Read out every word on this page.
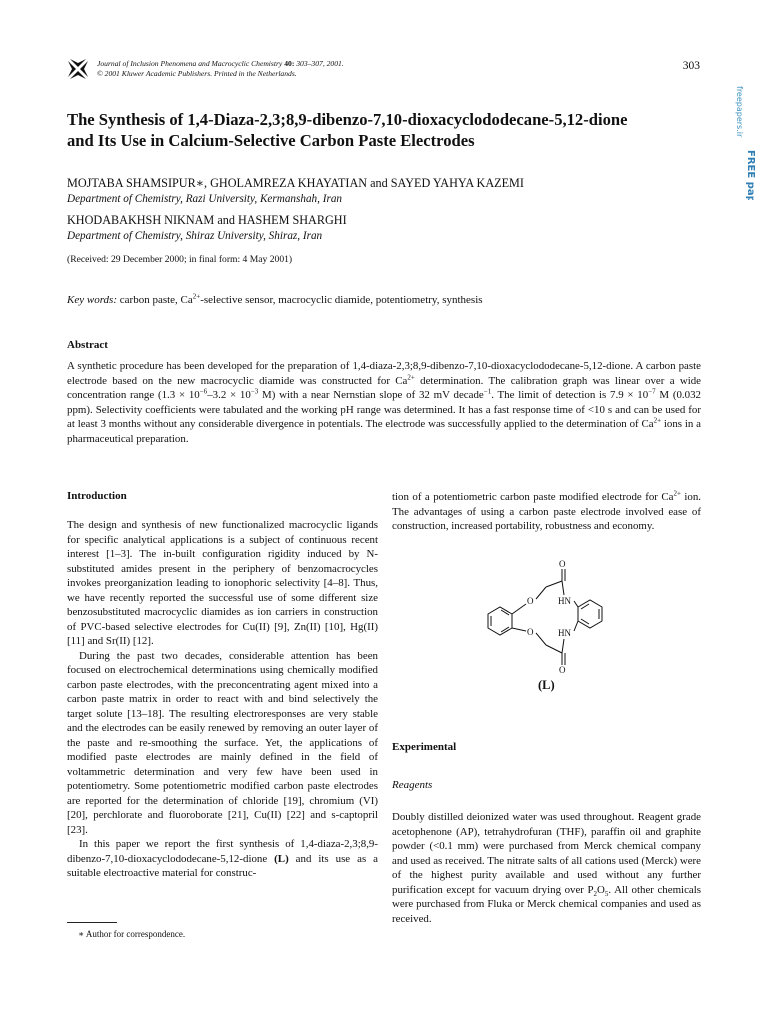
Journal of Inclusion Phenomena and Macrocyclic Chemistry 40: 303–307, 2001.
© 2001 Kluwer Academic Publishers. Printed in the Netherlands.
303
freepapers.ir
FREE papers
The Synthesis of 1,4-Diaza-2,3;8,9-dibenzo-7,10-dioxacyclododecane-5,12-dione
and Its Use in Calcium-Selective Carbon Paste Electrodes
MOJTABA SHAMSIPUR∗, GHOLAMREZA KHAYATIAN and SAYED YAHYA KAZEMI
Department of Chemistry, Razi University, Kermanshah, Iran
KHODABAKHSH NIKNAM and HASHEM SHARGHI
Department of Chemistry, Shiraz University, Shiraz, Iran
(Received: 29 December 2000; in final form: 4 May 2001)
Key words: carbon paste, $Ca^{2+}$-selective sensor, macrocyclic diamide, potentiometry, synthesis
Abstract
A synthetic procedure has been developed for the preparation of 1,4-diaza-2,3;8,9-dibenzo-7,10-dioxacyclododecane-5,12-dione. A carbon paste electrode based on the new macrocyclic diamide was constructed for $Ca^{2+}$ determination. The calibration graph was linear over a wide concentration range ($1.3 \times 10^{-6}-3.2 \times 10^{-3}$ M) with a near Nernstian slope of 32 mV decade$^{-1}$. The limit of detection is $7.9 \times 10^{-7}$ M (0.032 ppm). Selectivity coefficients were tabulated and the working pH range was determined. It has a fast response time of <10 s and can be used for at least 3 months without any considerable divergence in potentials. The electrode was successfully applied to the determination of $Ca^{2+}$ ions in a pharmaceutical preparation.
Introduction

The design and synthesis of new functionalized macrocyclic ligands for specific analytical applications is a subject of continuous recent interest [1–3]. The in-built configuration rigidity induced by N-substituted amides present in the periphery of benzomacrocycles invokes preorganization leading to ionophoric selectivity [4–8]. Thus, we have recently reported the successful use of some different size benzosubstituted macrocyclic diamides as ion carriers in construction of PVC-based selective electrodes for Cu(II) [9], Zn(II) [10], Hg(II) [11] and Sr(II) [12].

During the past two decades, considerable attention has been focused on electrochemical determinations using chemically modified carbon paste electrodes, with the preconcentrating agent mixed into a carbon paste matrix in order to react with and bind selectively the target solute [13–18]. The resulting electroresponses are very stable and the electrodes can be easily renewed by removing an outer layer of the paste and re-smoothing the surface. Yet, the applications of modified paste electrodes are mainly defined in the field of voltammetric determination and very few have been used in potentiometry. Some potentiometric modified carbon paste electrodes are reported for the determination of chloride [19], chromium (VI) [20], perchlorate and fluoroborate [21], Cu(II) [22] and s-captopril [23].

In this paper we report the first synthesis of 1,4-diaza-2,3;8,9-dibenzo-7,10-dioxacyclododecane-5,12-dione (L) and its use as a suitable electroactive material for construc-

tion of a potentiometric carbon paste modified electrode for $Ca^{2+}$ ion. The advantages of using a carbon paste electrode involved ease of construction, increased portability, robustness and economy.
O
O
O
O
HN
HN
(L)
Experimental
Reagents
Doubly distilled deionized water was used throughout. Reagent grade acetophenone (AP), tetrahydrofuran (THF), paraffin oil and graphite powder (<0.1 mm) were purchased from Merck chemical company and used as received. The nitrate salts of all cations used (Merck) were of the highest purity available and used without any further purification except for vacuum drying over $P_2O_5$. All other chemicals were purchased from Fluka or Merck chemical companies and used as received.
∗ Author for correspondence.
